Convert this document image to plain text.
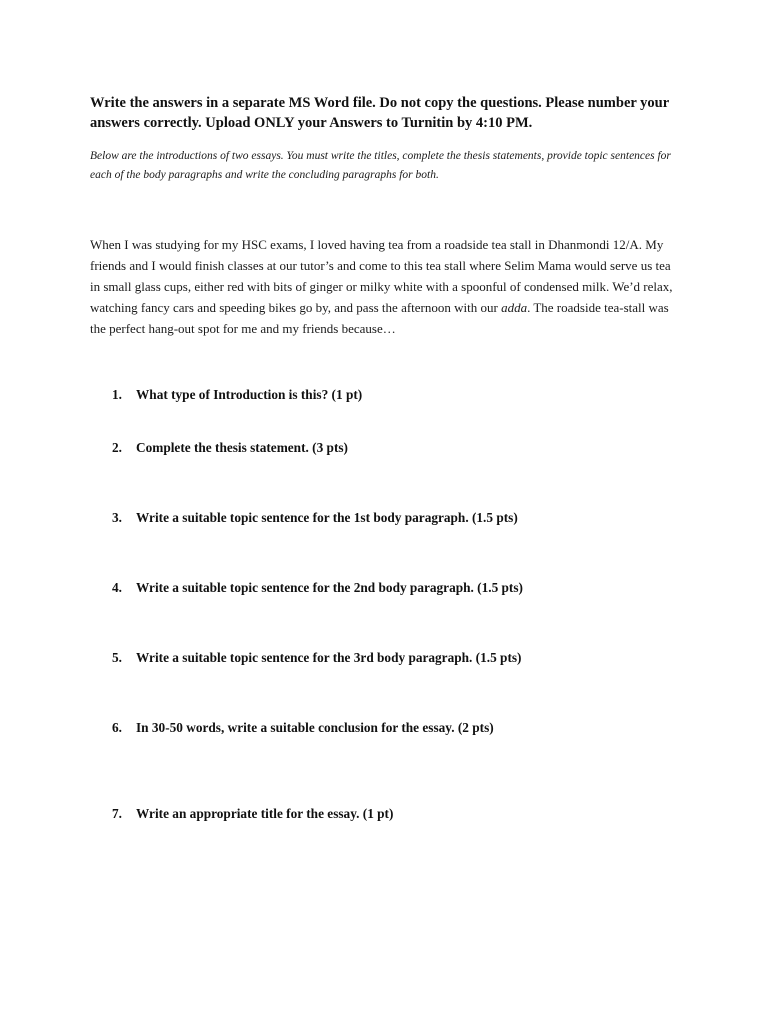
Write the answers in a separate MS Word file. Do not copy the questions. Please number your answers correctly. Upload ONLY your Answers to Turnitin by 4:10 PM.

Below are the introductions of two essays. You must write the titles, complete the thesis statements, provide topic sentences for each of the body paragraphs and write the concluding paragraphs for both.

When I was studying for my HSC exams, I loved having tea from a roadside tea stall in Dhanmondi 12/A. My friends and I would finish classes at our tutor’s and come to this tea stall where Selim Mama would serve us tea in small glass cups, either red with bits of ginger or milky white with a spoonful of condensed milk. We’d relax, watching fancy cars and speeding bikes go by, and pass the afternoon with our adda. The roadside tea-stall was the perfect hang-out spot for me and my friends because…

1. What type of Introduction is this? (1 pt)

2. Complete the thesis statement. (3 pts)

3. Write a suitable topic sentence for the 1st body paragraph. (1.5 pts)

4. Write a suitable topic sentence for the 2nd body paragraph. (1.5 pts)

5. Write a suitable topic sentence for the 3rd body paragraph. (1.5 pts)

6. In 30-50 words, write a suitable conclusion for the essay. (2 pts)

7. Write an appropriate title for the essay. (1 pt)
